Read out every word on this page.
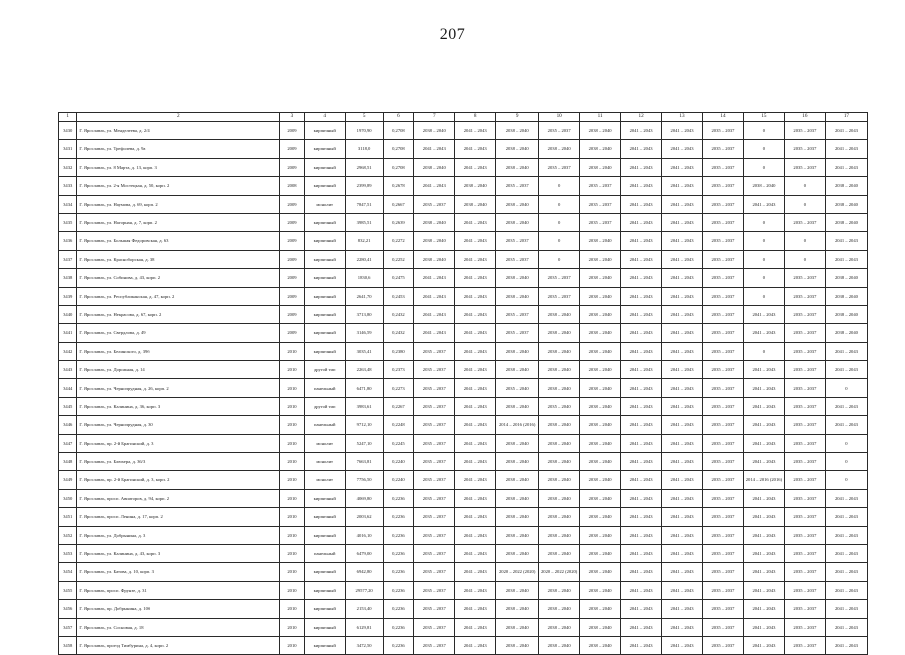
207
1	2	3	4	5	6	7	8	9	10	11	12	13	14	15	16	17
3430	Г. Ярославль, ул. Менделеева, д. 2/4	2009	кирпичный	1970,90	0,2708	2038 – 2040	2041 – 2043	2038 – 2040	2035 – 2037	2038 – 2040	2041 – 2043	2041 – 2043	2035 – 2037	0	2035 – 2037	2041 – 2043
3431	Г. Ярославль, ул. Трефолева, д. 9а	2009	кирпичный	3118,0	0,2708	2041 – 2043	2041 – 2043	2038 – 2040	2038 – 2040	2038 – 2040	2041 – 2043	2041 – 2043	2035 – 2037	0	2035 – 2037	2041 – 2043
3432	Г. Ярославль, ул. 8 Марта, д. 13, корп. 3	2009	кирпичный	2968,51	0,2708	2038 – 2040	2041 – 2043	2038 – 2040	2035 – 2037	2038 – 2040	2041 – 2043	2041 – 2043	2035 – 2037	0	2035 – 2037	2041 – 2043
3433	Г. Ярославль, ул. 2-я Мостецкая, д. 50, корп. 2	2008	кирпичный	2399,89	0,2678	2041 – 2043	2038 – 2040	2035 – 2037	0	2035 – 2037	2041 – 2043	2041 – 2043	2035 – 2037	2038 – 2040	0	2038 – 2040
3434	Г. Ярославль, ул. Наумова, д. 69, корп. 2	2009	монолит	7847,51	0,2667	2035 – 2037	2038 – 2040	2038 – 2040	0	2035 – 2037	2041 – 2043	2041 – 2043	2035 – 2037	2041 – 2043	0	2038 – 2040
3435	Г. Ярославль, ул. Нагорная, д. 7, корп. 2	2009	кирпичный	3985,51	0,2639	2038 – 2040	2041 – 2043	2038 – 2040	0	2035 – 2037	2041 – 2043	2041 – 2043	2035 – 2037	0	2035 – 2037	2038 – 2040
3436	Г. Ярославль, ул. Большая Федоровская, д. 63	2009	кирпичный	832,21	0,2272	2038 – 2040	2041 – 2043	2035 – 2037	0	2038 – 2040	2041 – 2043	2041 – 2043	2035 – 2037	0	0	2041 – 2043
3437	Г. Ярославль, ул. Красноборская, д. 38	2009	кирпичный	2280,41	0,2252	2038 – 2040	2041 – 2043	2035 – 2037	0	2038 – 2040	2041 – 2043	2041 – 2043	2035 – 2037	0	0	2041 – 2043
3438	Г. Ярославль, ул. Собинова, д. 43, корп. 2	2009	кирпичный	1830,6	0,2475	2041 – 2043	2041 – 2043	2038 – 2040	2035 – 2037	2038 – 2040	2041 – 2043	2041 – 2043	2035 – 2037	0	2035 – 2037	2038 – 2040
3439	Г. Ярославль, ул. Республиканская, д. 47, корп. 2	2009	кирпичный	2641,70	0,2453	2041 – 2043	2041 – 2043	2038 – 2040	2035 – 2037	2038 – 2040	2041 – 2043	2041 – 2043	2035 – 2037	0	2035 – 2037	2038 – 2040
3440	Г. Ярославль, ул. Некрасова, д. 67, корп. 2	2009	кирпичный	3713,80	0,2432	2041 – 2043	2041 – 2043	2035 – 2037	2038 – 2040	2038 – 2040	2041 – 2043	2041 – 2043	2035 – 2037	2041 – 2043	2035 – 2037	2038 – 2040
3441	Г. Ярославль, ул. Свердлова, д. 49	2009	кирпичный	3146,59	0,2432	2041 – 2043	2041 – 2043	2035 – 2037	2038 – 2040	2038 – 2040	2041 – 2043	2041 – 2043	2035 – 2037	2041 – 2043	2035 – 2037	2038 – 2040
3442	Г. Ярославль, ул. Белинского, д. 39б	2010	кирпичный	3035,41	0,2380	2035 – 2037	2041 – 2043	2038 – 2040	2038 – 2040	2038 – 2040	2041 – 2043	2041 – 2043	2035 – 2037	0	2035 – 2037	2041 – 2043
3443	Г. Ярославль, ул. Дорожная, д. 14	2010	другой тип	2263,48	0,2373	2035 – 2037	2041 – 2043	2038 – 2040	2038 – 2040	2038 – 2040	2041 – 2043	2041 – 2043	2035 – 2037	2041 – 2043	2035 – 2037	2041 – 2043
3444	Г. Ярославль, ул. Чернопрудная, д. 26, корп. 2	2010	панельный	6471,80	0,2273	2035 – 2037	2041 – 2043	2035 – 2040	2038 – 2040	2038 – 2040	2041 – 2043	2041 – 2043	2035 – 2037	2041 – 2043	2035 – 2037	0
3445	Г. Ярославль, ул. Калинина, д. 36, корп. 3	2010	другой тип	3983,61	0,2267	2035 – 2037	2041 – 2043	2038 – 2040	2035 – 2040	2038 – 2040	2041 – 2043	2041 – 2043	2035 – 2037	2041 – 2043	2035 – 2037	2041 – 2043
3446	Г. Ярославль, ул. Чернопрудная, д. 30	2010	панельный	9712,10	0,2248	2035 – 2037	2041 – 2043	2014 – 2016 (2016)	2038 – 2040	2038 – 2040	2041 – 2043	2041 – 2043	2035 – 2037	2041 – 2043	2035 – 2037	2041 – 2043
3447	Г. Ярославль, пр. 2-й Брагинский, д. 3	2010	монолит	5247,10	0,2245	2035 – 2037	2041 – 2043	2038 – 2040	2038 – 2040	2038 – 2040	2041 – 2043	2041 – 2043	2035 – 2037	2041 – 2043	2035 – 2037	0
3448	Г. Ярославль, ул. Блюхера, д. 36/3	2010	монолит	7663,81	0,2240	2035 – 2037	2041 – 2043	2038 – 2040	2038 – 2040	2038 – 2040	2041 – 2043	2041 – 2043	2035 – 2037	2041 – 2043	2035 – 2037	0
3449	Г. Ярославль, пр. 2-й Брагинский, д. 3, корп. 2	2010	монолит	7756,50	0,2240	2035 – 2037	2041 – 2043	2038 – 2040	2038 – 2040	2038 – 2040	2041 – 2043	2041 – 2043	2035 – 2037	2014 – 2016 (2016)	2035 – 2037	0
3450	Г. Ярославль, просп. Авиаторов, д. 94, корп. 2	2010	кирпичный	4069,80	0,2236	2035 – 2037	2041 – 2043	2038 – 2040	2038 – 2040	2038 – 2040	2041 – 2043	2041 – 2043	2035 – 2037	2041 – 2043	2035 – 2037	2041 – 2043
3451	Г. Ярославль, просп. Ленина, д. 17, корп. 2	2010	кирпичный	2003,62	0,2236	2035 – 2037	2041 – 2043	2038 – 2040	2038 – 2040	2038 – 2040	2041 – 2043	2041 – 2043	2035 – 2037	2041 – 2043	2035 – 2037	2041 – 2043
3452	Г. Ярославль, ул. Добрынина, д. 3	2010	кирпичный	4016,10	0,2236	2035 – 2037	2041 – 2043	2038 – 2040	2038 – 2040	2038 – 2040	2041 – 2043	2041 – 2043	2035 – 2037	2041 – 2043	2035 – 2037	2041 – 2043
3453	Г. Ярославль, ул. Калинина, д. 43, корп. 3	2010	панельный	6479,00	0,2236	2035 – 2037	2041 – 2043	2038 – 2040	2038 – 2040	2038 – 2040	2041 – 2043	2041 – 2043	2035 – 2037	2041 – 2043	2035 – 2037	2041 – 2043
3454	Г. Ярославль, ул. Батова, д. 10, корп. 3	2010	кирпичный	6942,80	0,2236	2035 – 2037	2041 – 2043	2020 – 2022 (2020)	2020 – 2022 (2020)	2038 – 2040	2041 – 2043	2041 – 2043	2035 – 2037	2041 – 2043	2035 – 2037	2041 – 2043
3455	Г. Ярославль, просп. Фрунзе, д. 31	2010	кирпичный	29577,20	0,2236	2035 – 2037	2041 – 2043	2038 – 2040	2038 – 2040	2038 – 2040	2041 – 2043	2041 – 2043	2035 – 2037	2041 – 2043	2035 – 2037	2041 – 2043
3456	Г. Ярославль, пр. Добрынина, д. 10б	2010	кирпичный	2153,40	0,2236	2035 – 2037	2041 – 2043	2038 – 2040	2038 – 2040	2038 – 2040	2041 – 2043	2041 – 2043	2035 – 2037	2041 – 2043	2035 – 2037	2041 – 2043
3457	Г. Ярославль, ул. Сосновая, д. 18	2010	кирпичный	6129,81	0,2236	2035 – 2037	2041 – 2043	2038 – 2040	2038 – 2040	2038 – 2040	2041 – 2043	2041 – 2043	2035 – 2037	2041 – 2043	2035 – 2037	2041 – 2043
3458	Г. Ярославль, проезд Тимбурина, д. 4, корп. 2	2010	кирпичный	3472,50	0,2236	2035 – 2037	2041 – 2043	2038 – 2040	2038 – 2040	2038 – 2040	2041 – 2043	2041 – 2043	2035 – 2037	2041 – 2043	2035 – 2037	2041 – 2043
